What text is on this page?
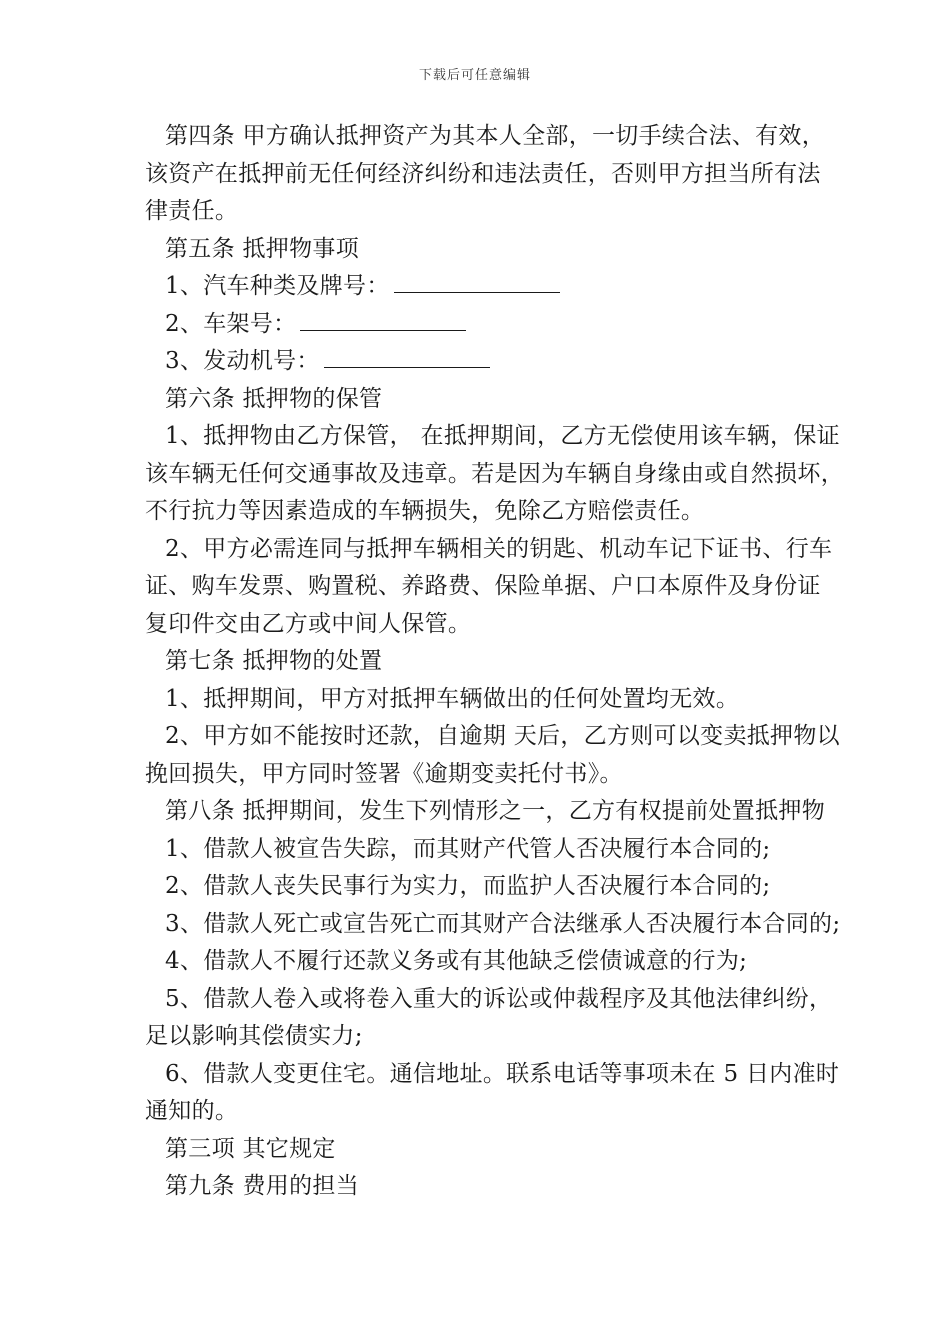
下载后可任意编辑
第四条 甲方确认抵押资产为其本人全部，一切手续合法、有效，
该资产在抵押前无任何经济纠纷和违法责任，否则甲方担当所有法
律责任。
第五条 抵押物事项
1、汽车种类及牌号：
2、车架号：
3、发动机号：
第六条 抵押物的保管
1、抵押物由乙方保管， 在抵押期间，乙方无偿使用该车辆，保证
该车辆无任何交通事故及违章。若是因为车辆自身缘由或自然损坏，
不行抗力等因素造成的车辆损失，免除乙方赔偿责任。
2、甲方必需连同与抵押车辆相关的钥匙、机动车记下证书、行车
证、购车发票、购置税、养路费、保险单据、户口本原件及身份证
复印件交由乙方或中间人保管。
第七条 抵押物的处置
1、抵押期间，甲方对抵押车辆做出的任何处置均无效。
2、甲方如不能按时还款，自逾期 天后，乙方则可以变卖抵押物以
挽回损失，甲方同时签署《逾期变卖托付书》。
第八条 抵押期间，发生下列情形之一，乙方有权提前处置抵押物
1、借款人被宣告失踪，而其财产代管人否决履行本合同的;
2、借款人丧失民事行为实力，而监护人否决履行本合同的;
3、借款人死亡或宣告死亡而其财产合法继承人否决履行本合同的;
4、借款人不履行还款义务或有其他缺乏偿债诚意的行为;
5、借款人卷入或将卷入重大的诉讼或仲裁程序及其他法律纠纷，
足以影响其偿债实力;
6、借款人变更住宅。通信地址。联系电话等事项未在 5 日内准时
通知的。
第三项 其它规定
第九条 费用的担当
